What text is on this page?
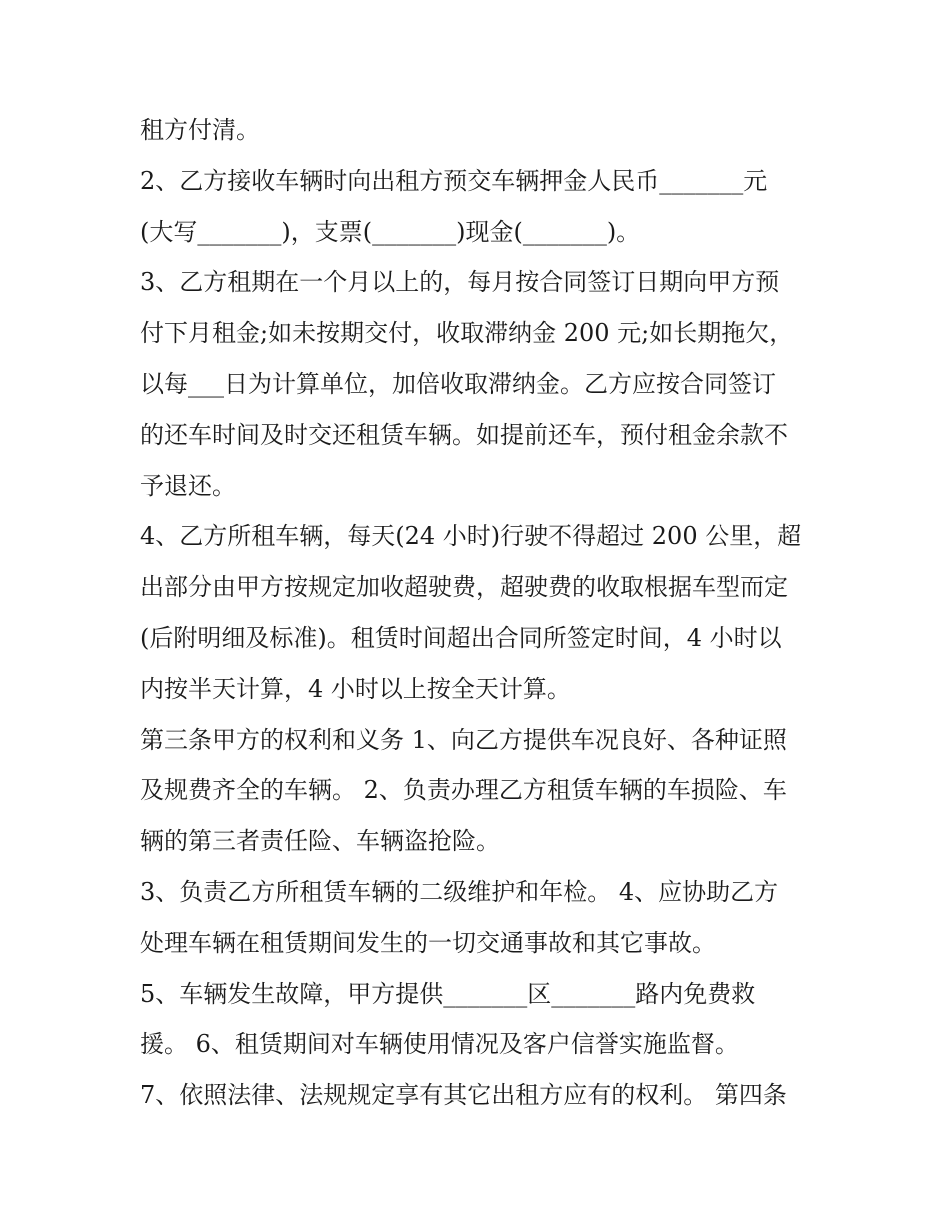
租方付清。
2、乙方接收车辆时向出租方预交车辆押金人民币_______元
(大写_______)，支票(_______)现金(_______)。
3、乙方租期在一个月以上的，每月按合同签订日期向甲方预
付下月租金;如未按期交付，收取滞纳金 200 元;如长期拖欠，
以每___日为计算单位，加倍收取滞纳金。乙方应按合同签订
的还车时间及时交还租赁车辆。如提前还车，预付租金余款不
予退还。
4、乙方所租车辆，每天(24 小时)行驶不得超过 200 公里，超
出部分由甲方按规定加收超驶费，超驶费的收取根据车型而定
(后附明细及标准)。租赁时间超出合同所签定时间，4 小时以
内按半天计算，4 小时以上按全天计算。
第三条甲方的权利和义务 1、向乙方提供车况良好、各种证照
及规费齐全的车辆。 2、负责办理乙方租赁车辆的车损险、车
辆的第三者责任险、车辆盗抢险。
3、负责乙方所租赁车辆的二级维护和年检。 4、应协助乙方
处理车辆在租赁期间发生的一切交通事故和其它事故。
5、车辆发生故障，甲方提供_______区_______路内免费救
援。 6、租赁期间对车辆使用情况及客户信誉实施监督。
7、依照法律、法规规定享有其它出租方应有的权利。 第四条
